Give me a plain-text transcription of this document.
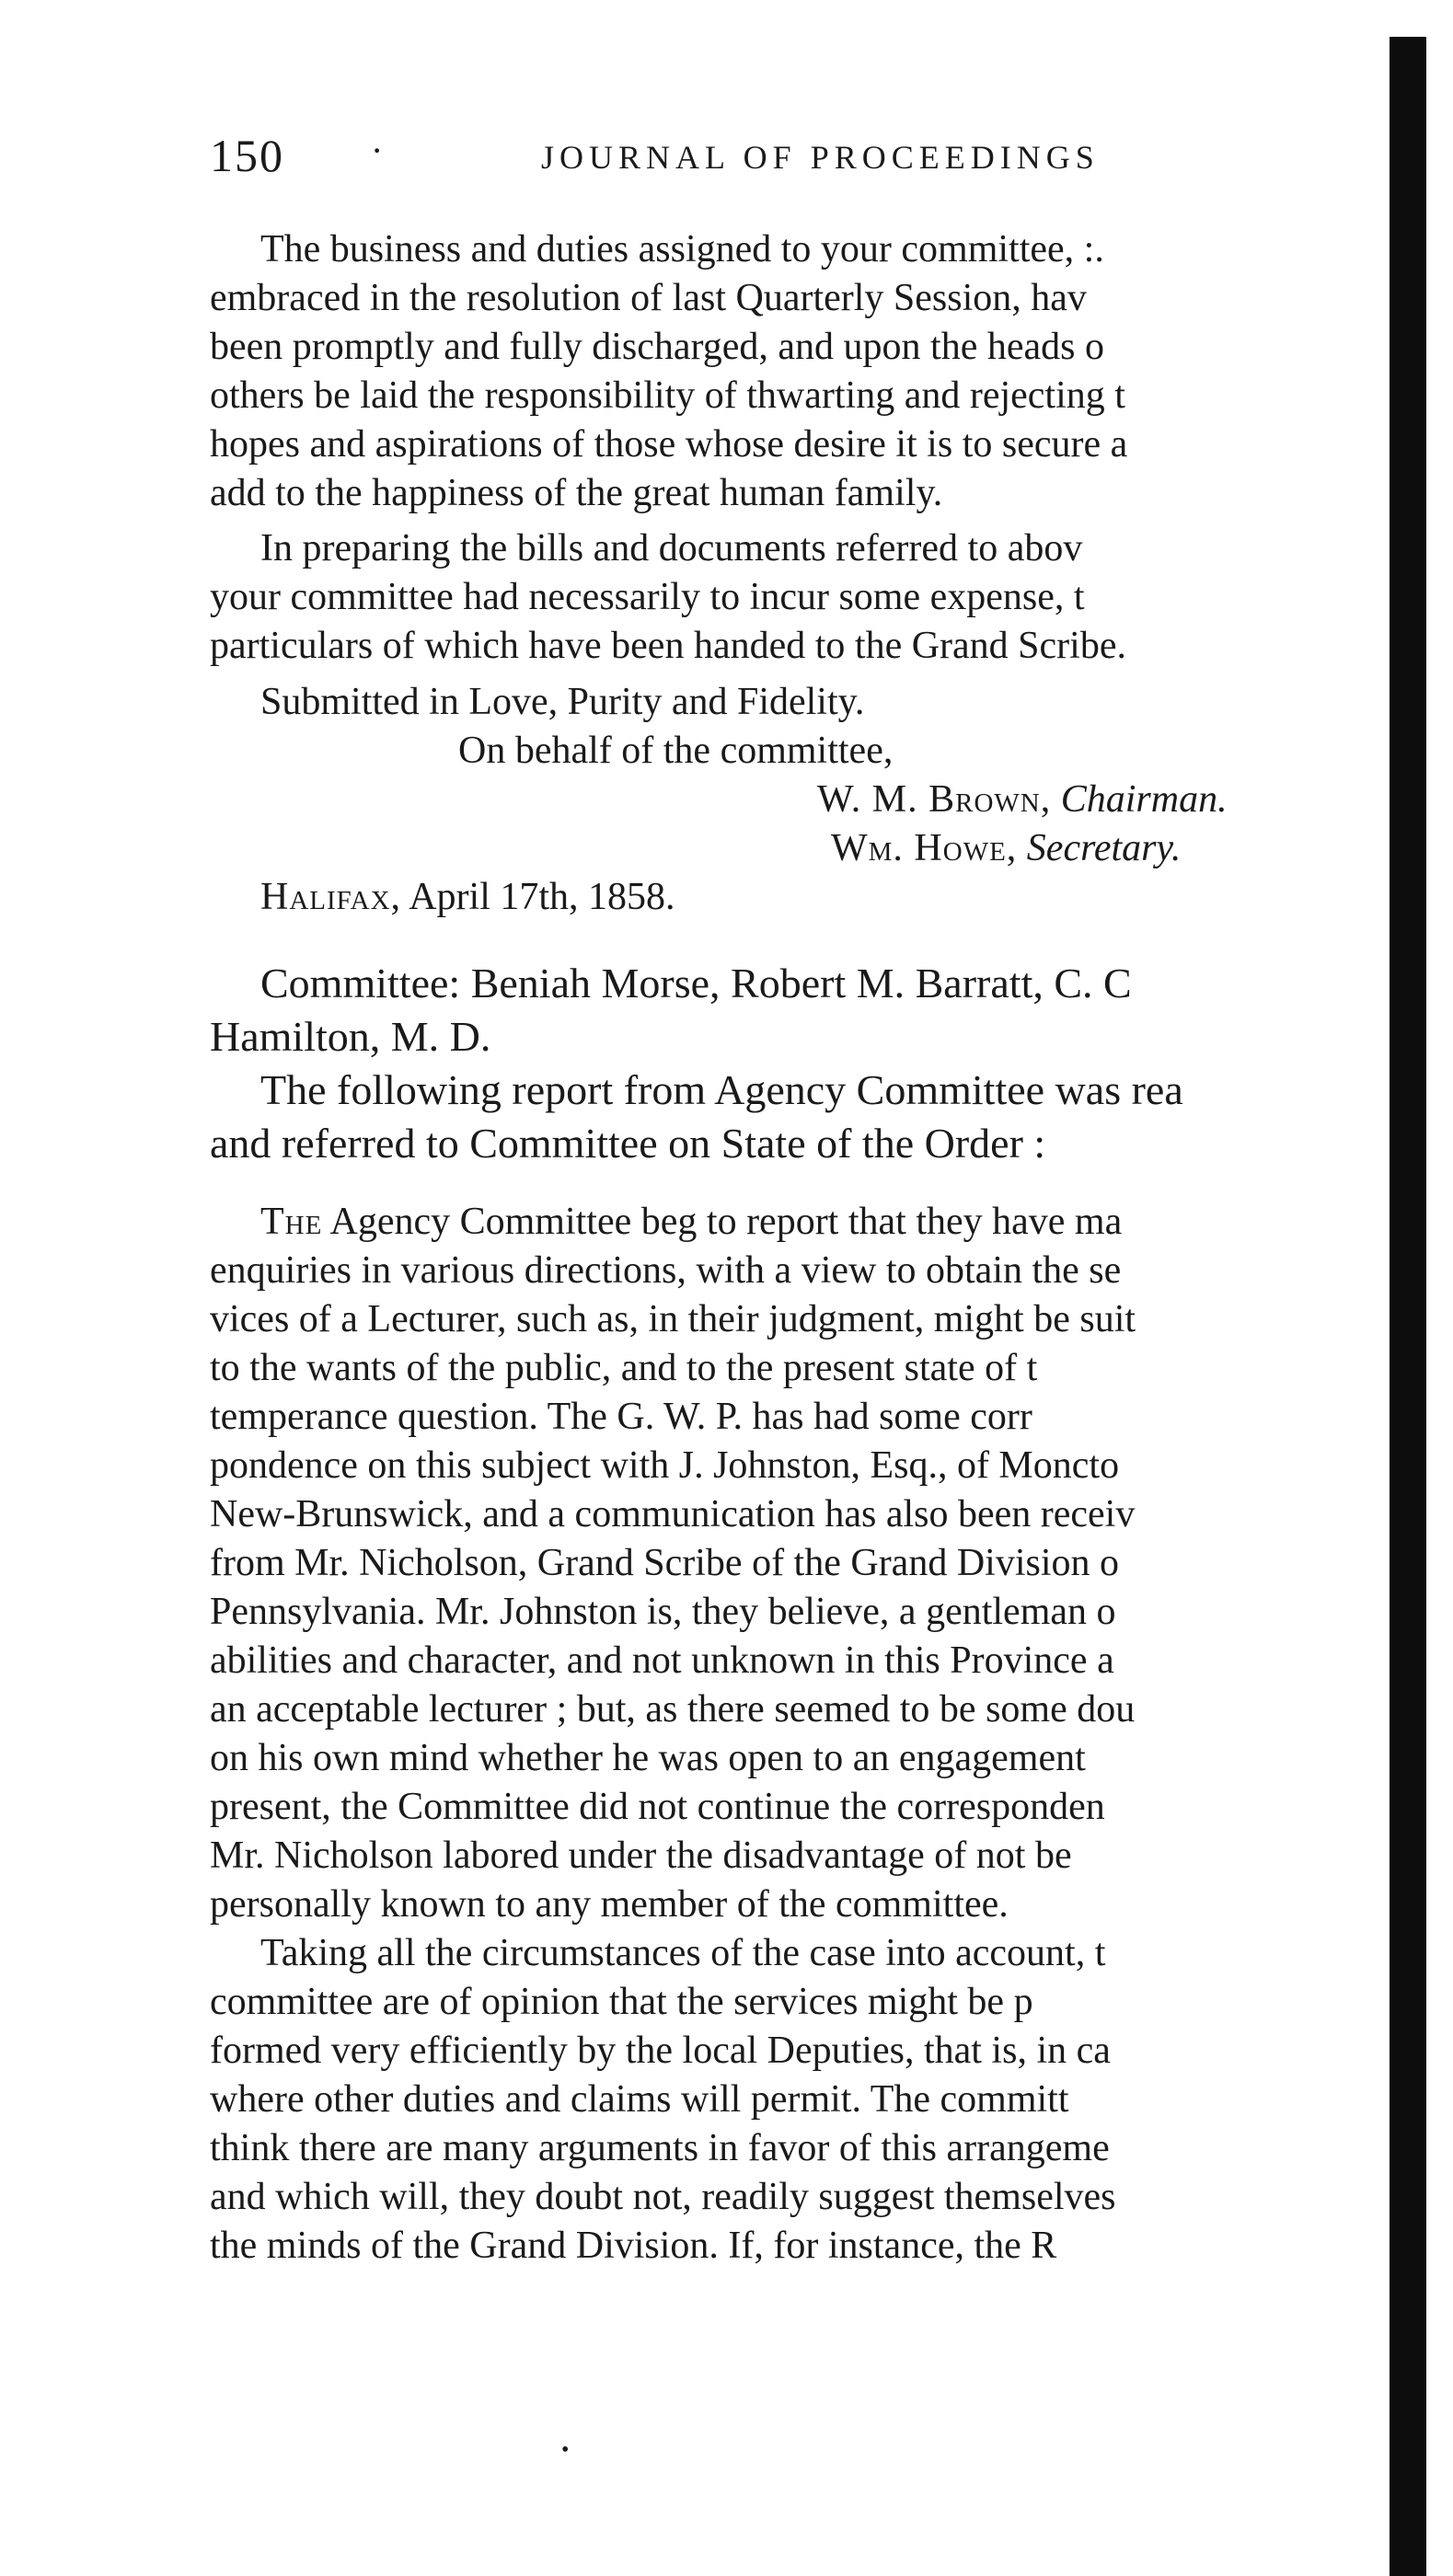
150 ·	JOURNAL OF PROCEEDINGS
The business and duties assigned to your committee, :.
embraced in the resolution of last Quarterly Session, hav
been promptly and fully discharged, and upon the heads o
others be laid the responsibility of thwarting and rejecting t
hopes and aspirations of those whose desire it is to secure a
add to the happiness of the great human family.
In preparing the bills and documents referred to abov
your committee had necessarily to incur some expense, t
particulars of which have been handed to the Grand Scribe.
Submitted in Love, Purity and Fidelity.
On behalf of the committee,
W. M. Brown, Chairman.
Wm. Howe, Secretary.
Halifax, April 17th, 1858.
Committee: Beniah Morse, Robert M. Barratt, C. C
Hamilton, M. D.
The following report from Agency Committee was rea
and referred to Committee on State of the Order :
The Agency Committee beg to report that they have ma
enquiries in various directions, with a view to obtain the se
vices of a Lecturer, such as, in their judgment, might be suit
to the wants of the public, and to the present state of t
temperance question. The G. W. P. has had some corr
pondence on this subject with J. Johnston, Esq., of Moncto
New-Brunswick, and a communication has also been receiv
from Mr. Nicholson, Grand Scribe of the Grand Division o
Pennsylvania. Mr. Johnston is, they believe, a gentleman o
abilities and character, and not unknown in this Province a
an acceptable lecturer ; but, as there seemed to be some dou
on his own mind whether he was open to an engagement
present, the Committee did not continue the corresponden
Mr. Nicholson labored under the disadvantage of not be
personally known to any member of the committee.
Taking all the circumstances of the case into account, t
committee are of opinion that the services might be p
formed very efficiently by the local Deputies, that is, in ca
where other duties and claims will permit. The committ
think there are many arguments in favor of this arrangeme
and which will, they doubt not, readily suggest themselves
the minds of the Grand Division. If, for instance, the R
•
